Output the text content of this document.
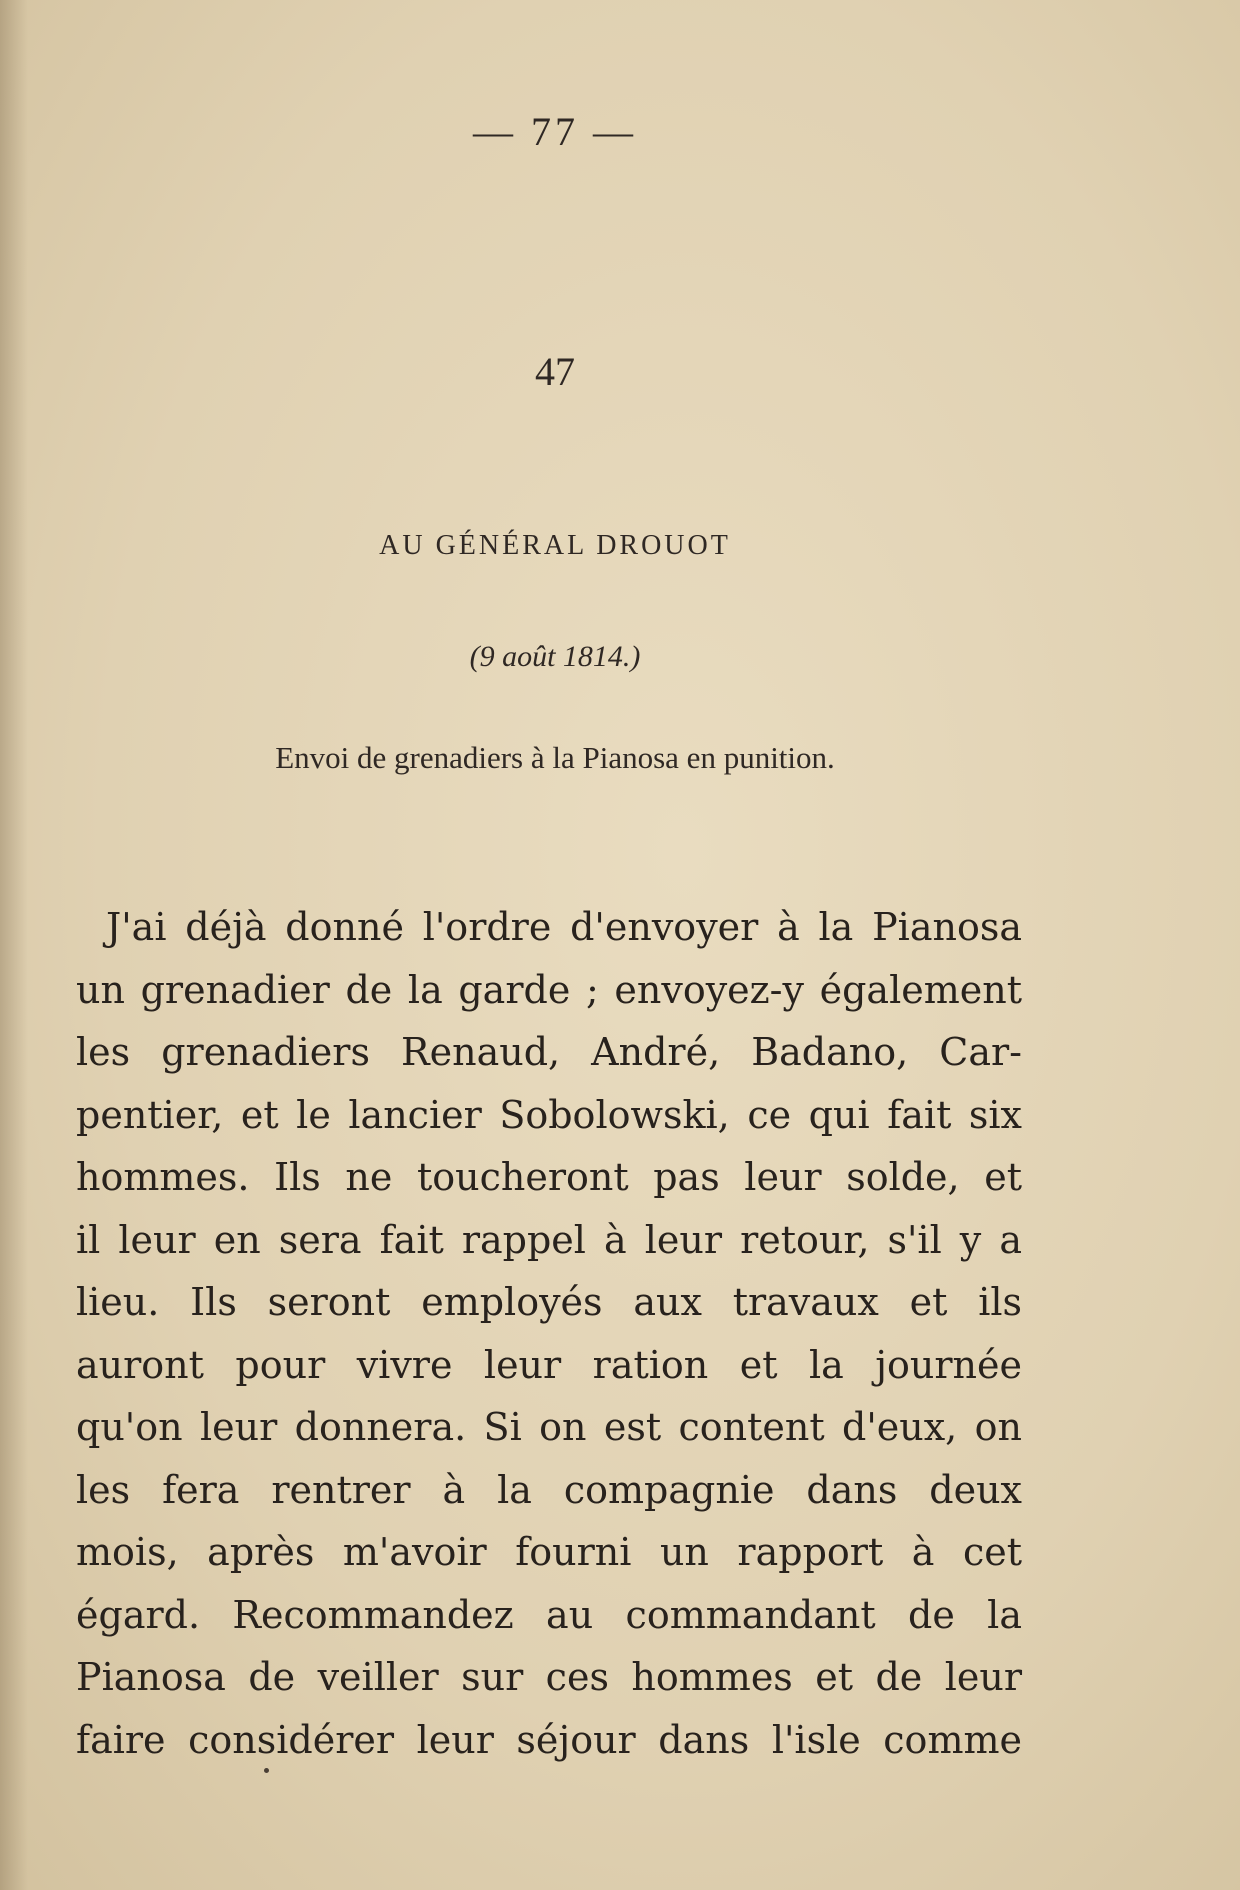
— 77 —
47
AU GÉNÉRAL DROUOT
(9 août 1814.)
Envoi de grenadiers à la Pianosa en punition.
J'ai déjà donné l'ordre d'envoyer à la Pianosa
un grenadier de la garde ; envoyez-y également
les grenadiers Renaud, André, Badano, Car-
pentier, et le lancier Sobolowski, ce qui fait six
hommes. Ils ne toucheront pas leur solde, et
il leur en sera fait rappel à leur retour, s'il y a
lieu. Ils seront employés aux travaux et ils
auront pour vivre leur ration et la journée
qu'on leur donnera. Si on est content d'eux, on
les fera rentrer à la compagnie dans deux
mois, après m'avoir fourni un rapport à cet
égard. Recommandez au commandant de la
Pianosa de veiller sur ces hommes et de leur
faire considérer leur séjour dans l'isle comme
